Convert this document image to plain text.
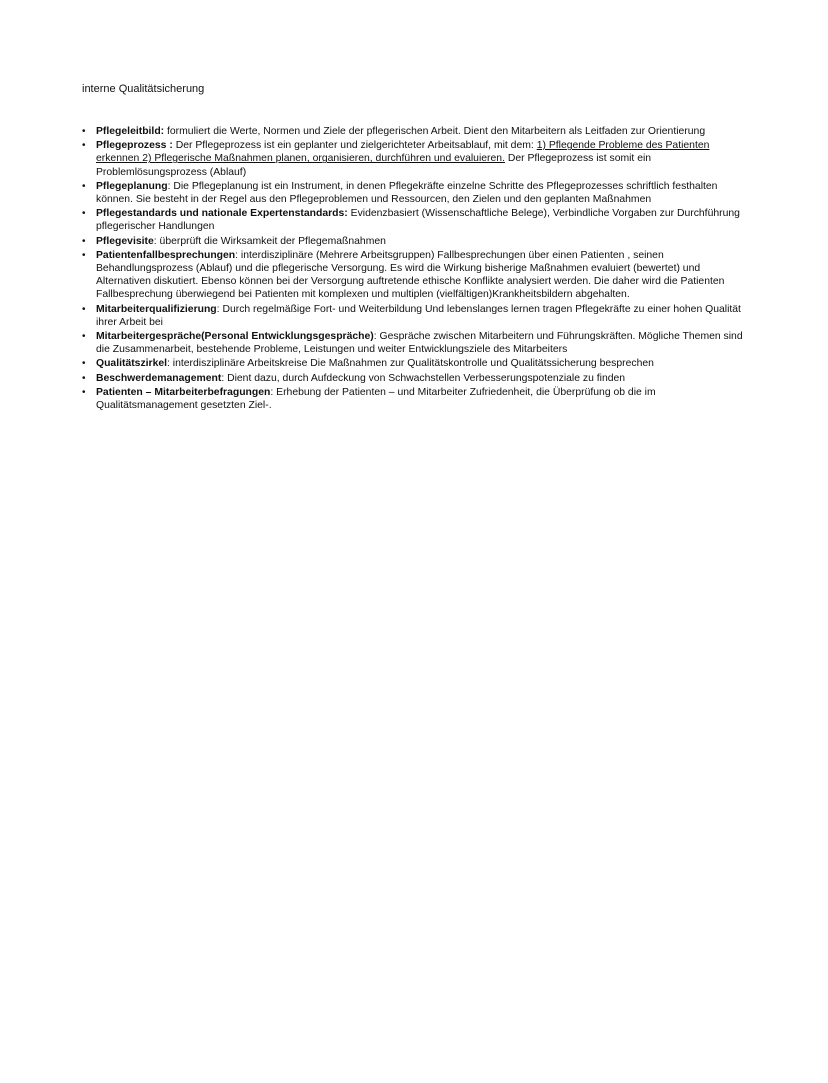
interne Qualitätsicherung
• Pflegeleitbild: formuliert die Werte, Normen und Ziele der pflegerischen Arbeit. Dient den Mitarbeitern als Leitfaden zur Orientierung
• Pflegeprozess : Der Pflegeprozess ist ein geplanter und zielgerichteter Arbeitsablauf, mit dem: 1) Pflegende Probleme des Patienten erkennen 2) Pflegerische Maßnahmen planen, organisieren, durchführen und evaluieren. Der Pflegeprozess ist somit ein Problemlösungsprozess (Ablauf)
• Pflegeplanung: Die Pflegeplanung ist ein Instrument, in denen Pflegekräfte einzelne Schritte des Pflegeprozesses schriftlich festhalten können. Sie besteht in der Regel aus den Pflegeproblemen und Ressourcen, den Zielen und den geplanten Maßnahmen
• Pflegestandards und nationale Expertenstandards: Evidenzbasiert (Wissenschaftliche Belege), Verbindliche Vorgaben zur Durchführung pflegerischer Handlungen
• Pflegevisite: überprüft die Wirksamkeit der Pflegemaßnahmen
• Patientenfallbesprechungen: interdisziplinäre (Mehrere Arbeitsgruppen) Fallbesprechungen über einen Patienten , seinen Behandlungsprozess (Ablauf) und die pflegerische Versorgung. Es wird die Wirkung bisherige Maßnahmen evaluiert (bewertet) und Alternativen diskutiert. Ebenso können bei der Versorgung auftretende ethische Konflikte analysiert werden. Die daher wird die Patienten Fallbesprechung überwiegend bei Patienten mit komplexen und multiplen (vielfältigen)Krankheitsbildern abgehalten.
• Mitarbeiterqualifizierung: Durch regelmäßige Fort- und Weiterbildung Und lebenslanges lernen tragen Pflegekräfte zu einer hohen Qualität ihrer Arbeit bei
• Mitarbeitergespräche(Personal Entwicklungsgespräche): Gespräche zwischen Mitarbeitern und Führungskräften. Mögliche Themen sind die Zusammenarbeit, bestehende Probleme, Leistungen und weiter Entwicklungsziele des Mitarbeiters
• Qualitätszirkel: interdisziplinäre Arbeitskreise Die Maßnahmen zur Qualitätskontrolle und Qualitätssicherung besprechen
• Beschwerdemanagement: Dient dazu, durch Aufdeckung von Schwachstellen Verbesserungspotenziale zu finden
• Patienten – Mitarbeiterbefragungen: Erhebung der Patienten – und Mitarbeiter Zufriedenheit, die Überprüfung ob die im Qualitätsmanagement gesetzten Ziel-.
